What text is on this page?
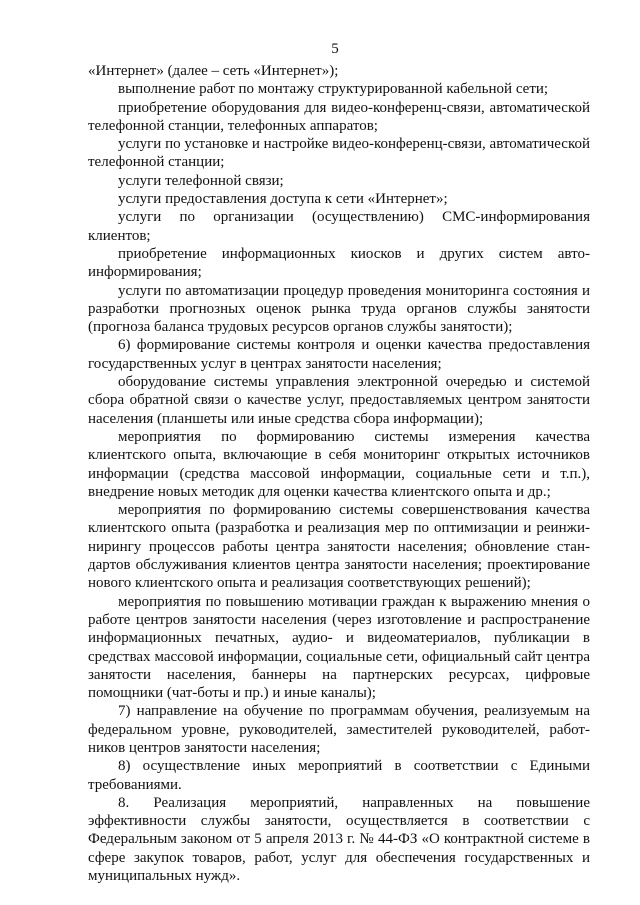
5

«Интернет» (далее – сеть «Интернет»);

выполнение работ по монтажу структурированной кабельной сети;

приобретение оборудования для видео-конференц-связи, автоматической телефонной станции, телефонных аппаратов;

услуги по установке и настройке видео-конференц-связи, автоматической телефонной станции;

услуги телефонной связи;

услуги предоставления доступа к сети «Интернет»;

услуги по организации (осуществлению) СМС-информирования клиентов;

приобретение информационных киосков и других систем автоинформирования;

услуги по автоматизации процедур проведения мониторинга состояния и разработки прогнозных оценок рынка труда органов службы занятости (прогноза баланса трудовых ресурсов органов службы занятости);

6) формирование системы контроля и оценки качества предоставления государственных услуг в центрах занятости населения;

оборудование системы управления электронной очередью и системой сбора обратной связи о качестве услуг, предоставляемых центром занятости населения (планшеты или иные средства сбора информации);

мероприятия по формированию системы измерения качества клиентского опыта, включающие в себя мониторинг открытых источников информации (средства массовой информации, социальные сети и т.п.), внедрение новых методик для оценки качества клиентского опыта и др.;

мероприятия по формированию системы совершенствования качества клиентского опыта (разработка и реализация мер по оптимизации и реинжинирингу процессов работы центра занятости населения; обновление стандартов обслуживания клиентов центра занятости населения; проектирование нового клиентского опыта и реализация соответствующих решений);

мероприятия по повышению мотивации граждан к выражению мнения о работе центров занятости населения (через изготовление и распространение информационных печатных, аудио- и видеоматериалов, публикации в средствах массовой информации, социальные сети, официальный сайт центра занятости населения, баннеры на партнерских ресурсах, цифровые помощники (чат-боты и пр.) и иные каналы);

7) направление на обучение по программам обучения, реализуемым на федеральном уровне, руководителей, заместителей руководителей, работников центров занятости населения;

8) осуществление иных мероприятий в соответствии с Едиными требованиями.

8. Реализация мероприятий, направленных на повышение эффективности службы занятости, осуществляется в соответствии с Федеральным законом от 5 апреля 2013 г. № 44-ФЗ «О контрактной системе в сфере закупок товаров, работ, услуг для обеспечения государственных и муниципальных нужд».
